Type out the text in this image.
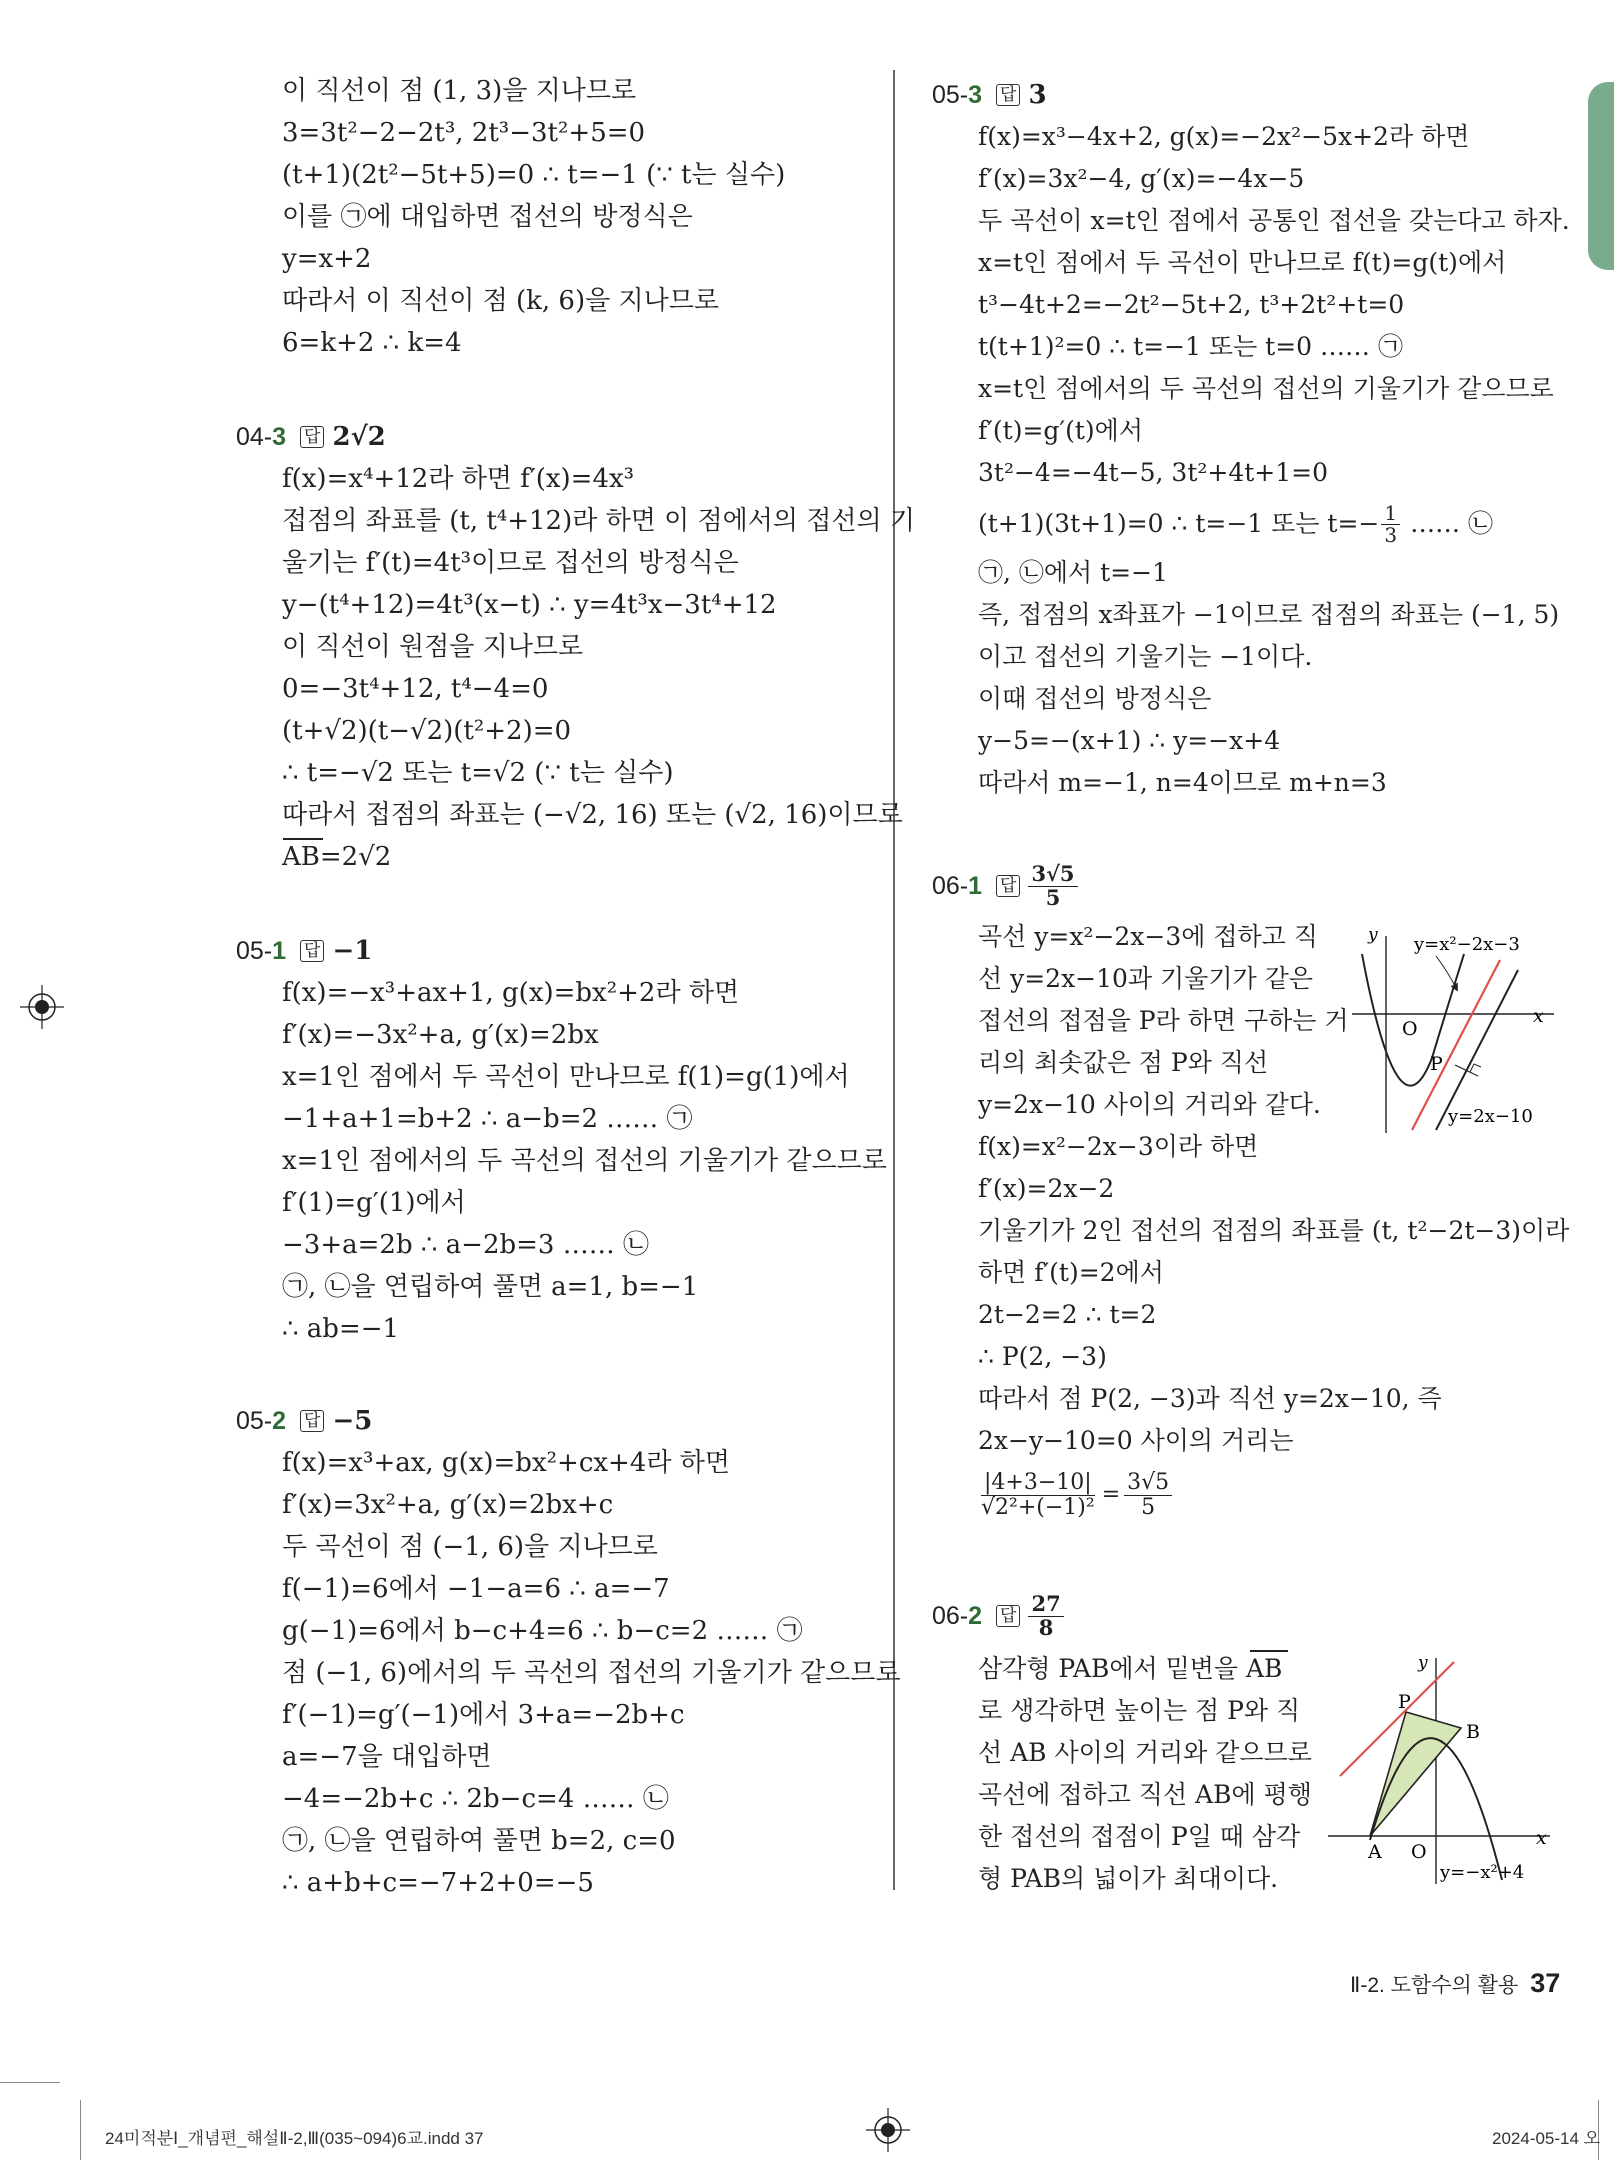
이 직선이 점 (1, 3)을 지나므로
3=3t²−2−2t³, 2t³−3t²+5=0
(t+1)(2t²−5t+5)=0 ∴ t=−1 (∵ t는 실수)
이를 ㉠에 대입하면 접선의 방정식은
y=x+2
따라서 이 직선이 점 (k, 6)을 지나므로
6=k+2 ∴ k=4
04- 3 답 2√2
f(x)=x⁴+12라 하면 f′(x)=4x³
접점의 좌표를 (t, t⁴+12)라 하면 이 점에서의 접선의 기
울기는 f′(t)=4t³이므로 접선의 방정식은
y−(t⁴+12)=4t³(x−t) ∴ y=4t³x−3t⁴+12
이 직선이 원점을 지나므로
0=−3t⁴+12, t⁴−4=0
(t+√2)(t−√2)(t²+2)=0
∴ t=−√2 또는 t=√2 (∵ t는 실수)
따라서 접점의 좌표는 (−√2, 16) 또는 (√2, 16)이므로
AB=2√2
05- 1 답 −1
f(x)=−x³+ax+1, g(x)=bx²+2라 하면
f′(x)=−3x²+a, g′(x)=2bx
x=1인 점에서 두 곡선이 만나므로 f(1)=g(1)에서
−1+a+1=b+2 ∴ a−b=2 …… ㉠
x=1인 점에서의 두 곡선의 접선의 기울기가 같으므로
f′(1)=g′(1)에서
−3+a=2b ∴ a−2b=3 …… ㉡
㉠, ㉡을 연립하여 풀면 a=1, b=−1
∴ ab=−1
05- 2 답 −5
f(x)=x³+ax, g(x)=bx²+cx+4라 하면
f′(x)=3x²+a, g′(x)=2bx+c
두 곡선이 점 (−1, 6)을 지나므로
f(−1)=6에서 −1−a=6 ∴ a=−7
g(−1)=6에서 b−c+4=6 ∴ b−c=2 …… ㉠
점 (−1, 6)에서의 두 곡선의 접선의 기울기가 같으므로
f′(−1)=g′(−1)에서 3+a=−2b+c
a=−7을 대입하면
−4=−2b+c ∴ 2b−c=4 …… ㉡
㉠, ㉡을 연립하여 풀면 b=2, c=0
∴ a+b+c=−7+2+0=−5
05- 3 답 3
f(x)=x³−4x+2, g(x)=−2x²−5x+2라 하면
f′(x)=3x²−4, g′(x)=−4x−5
두 곡선이 x=t인 점에서 공통인 접선을 갖는다고 하자.
x=t인 점에서 두 곡선이 만나므로 f(t)=g(t)에서
t³−4t+2=−2t²−5t+2, t³+2t²+t=0
t(t+1)²=0 ∴ t=−1 또는 t=0 …… ㉠
x=t인 점에서의 두 곡선의 접선의 기울기가 같으므로
f′(t)=g′(t)에서
3t²−4=−4t−5, 3t²+4t+1=0
(t+1)(3t+1)=0 ∴ t=−1 또는 $t=- \frac{1}{3}$ …… ㉡
㉠, ㉡에서 t=−1
즉, 접점의 x좌표가 −1이므로 접점의 좌표는 (−1, 5)
이고 접선의 기울기는 −1이다.
이때 접선의 방정식은
y−5=−(x+1) ∴ y=−x+4
따라서 m=−1, n=4이므로 m+n=3
06- 1 답 $\frac{3√5}{5}$
곡선 y=x²−2x−3에 접하고 직
선 y=2x−10과 기울기가 같은
접선의 접점을 P라 하면 구하는 거
리의 최솟값은 점 P와 직선
y=2x−10 사이의 거리와 같다.
y
x
O
P
y=x²−2x−3
y=2x−10
f(x)=x²−2x−3이라 하면
f′(x)=2x−2
기울기가 2인 접선의 접점의 좌표를 (t, t²−2t−3)이라
하면 f′(t)=2에서
2t−2=2 ∴ t=2
∴ P(2, −3)
따라서 점 P(2, −3)과 직선 y=2x−10, 즉
2x−y−10=0 사이의 거리는
$\frac{|4+3-10|}{\text{√2²+(−1)²}} = \frac{3√5}{5}$
06- 2 답 $\frac{27}{8}$
삼각형 PAB에서 밑변을 AB
로 생각하면 높이는 점 P와 직
선 AB 사이의 거리와 같으므로
곡선에 접하고 직선 AB에 평행
한 접선의 접점이 P일 때 삼각
형 PAB의 넓이가 최대이다.
y
x
O
P
B
A
y=−x²+4
Ⅱ-2. 도함수의 활용 37
24미적분Ⅰ_개념편_해설Ⅱ-2,Ⅲ(035~094)6교.indd 37	2024-05-14 오
